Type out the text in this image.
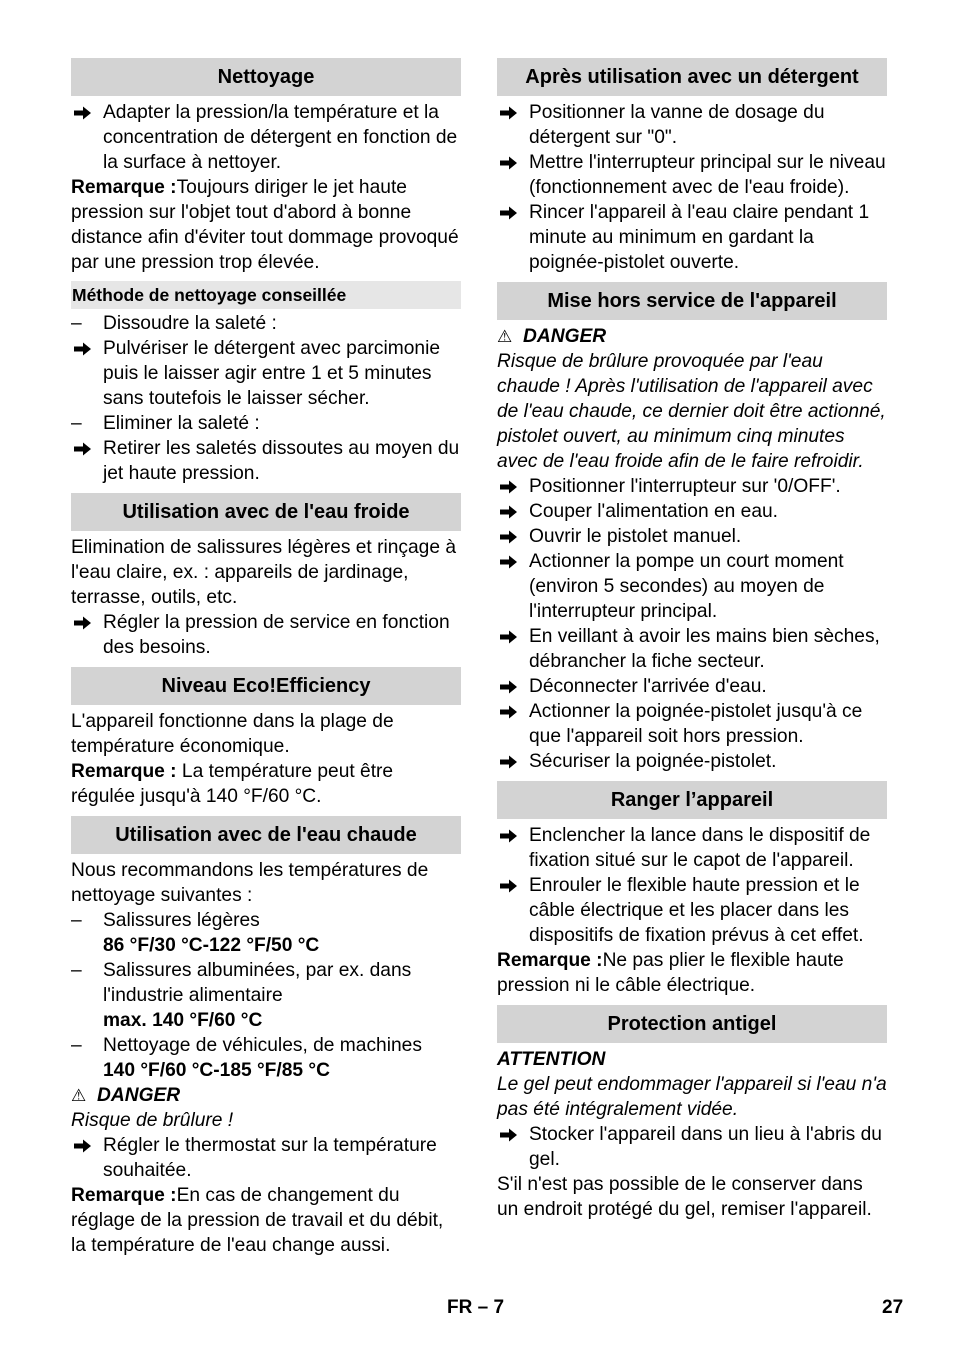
Nettoyage
Adapter la pression/la température et la concentration de détergent en fonction de la surface à nettoyer.
Remarque :Toujours diriger le jet haute pression sur l'objet tout d'abord à bonne distance afin d'éviter tout dommage provoqué par une pression trop élevée.
Méthode de nettoyage conseillée
–	Dissoudre la saleté :
Pulvériser le détergent avec parcimonie puis le laisser agir entre 1 et 5 minutes sans toutefois le laisser sécher.
–	Eliminer la saleté :
Retirer les saletés dissoutes au moyen du jet haute pression.
Utilisation avec de l'eau froide
Elimination de salissures légères et rinçage à l'eau claire, ex. : appareils de jardinage, terrasse, outils, etc.
Régler la pression de service en fonction des besoins.
Niveau Eco!Efficiency
L'appareil fonctionne dans la plage de température économique.
Remarque : La température peut être régulée jusqu'à 140 °F/60 °C.
Utilisation avec de l'eau chaude
Nous recommandons les températures de nettoyage suivantes :
–	Salissures légères
86 °F/30 °C-122 °F/50 °C
–	Salissures albuminées, par ex. dans l'industrie alimentaire
max. 140 °F/60 °C
–	Nettoyage de véhicules, de machines
140 °F/60 °C-185 °F/85 °C
⚠ DANGER
Risque de brûlure !
Régler le thermostat sur la température souhaitée.
Remarque :En cas de changement du réglage de la pression de travail et du débit, la température de l'eau change aussi.
Après utilisation avec un détergent
Positionner la vanne de dosage du détergent sur "0".
Mettre l'interrupteur principal sur le niveau (fonctionnement avec de l'eau froide).
Rincer l'appareil à l'eau claire pendant 1 minute au minimum en gardant la poignée-pistolet ouverte.
Mise hors service de l'appareil
⚠ DANGER
Risque de brûlure provoquée par l'eau chaude ! Après l'utilisation de l'appareil avec de l'eau chaude, ce dernier doit être actionné, pistolet ouvert, au minimum cinq minutes avec de l'eau froide afin de le faire refroidir.
Positionner l'interrupteur sur '0/OFF'.
Couper l'alimentation en eau.
Ouvrir le pistolet manuel.
Actionner la pompe un court moment (environ 5 secondes) au moyen de l'interrupteur principal.
En veillant à avoir les mains bien sèches, débrancher la fiche secteur.
Déconnecter l'arrivée d'eau.
Actionner la poignée-pistolet jusqu'à ce que l'appareil soit hors pression.
Sécuriser la poignée-pistolet.
Ranger l’appareil
Enclencher la lance dans le dispositif de fixation situé sur le capot de l'appareil.
Enrouler le flexible haute pression et le câble électrique et les placer dans les dispositifs de fixation prévus à cet effet.
Remarque :Ne pas plier le flexible haute pression ni le câble électrique.
Protection antigel
ATTENTION
Le gel peut endommager l'appareil si l'eau n'a pas été intégralement vidée.
Stocker l'appareil dans un lieu à l'abris du gel.
S'il n'est pas possible de le conserver dans un endroit protégé du gel, remiser l'appareil.
FR – 7	27
